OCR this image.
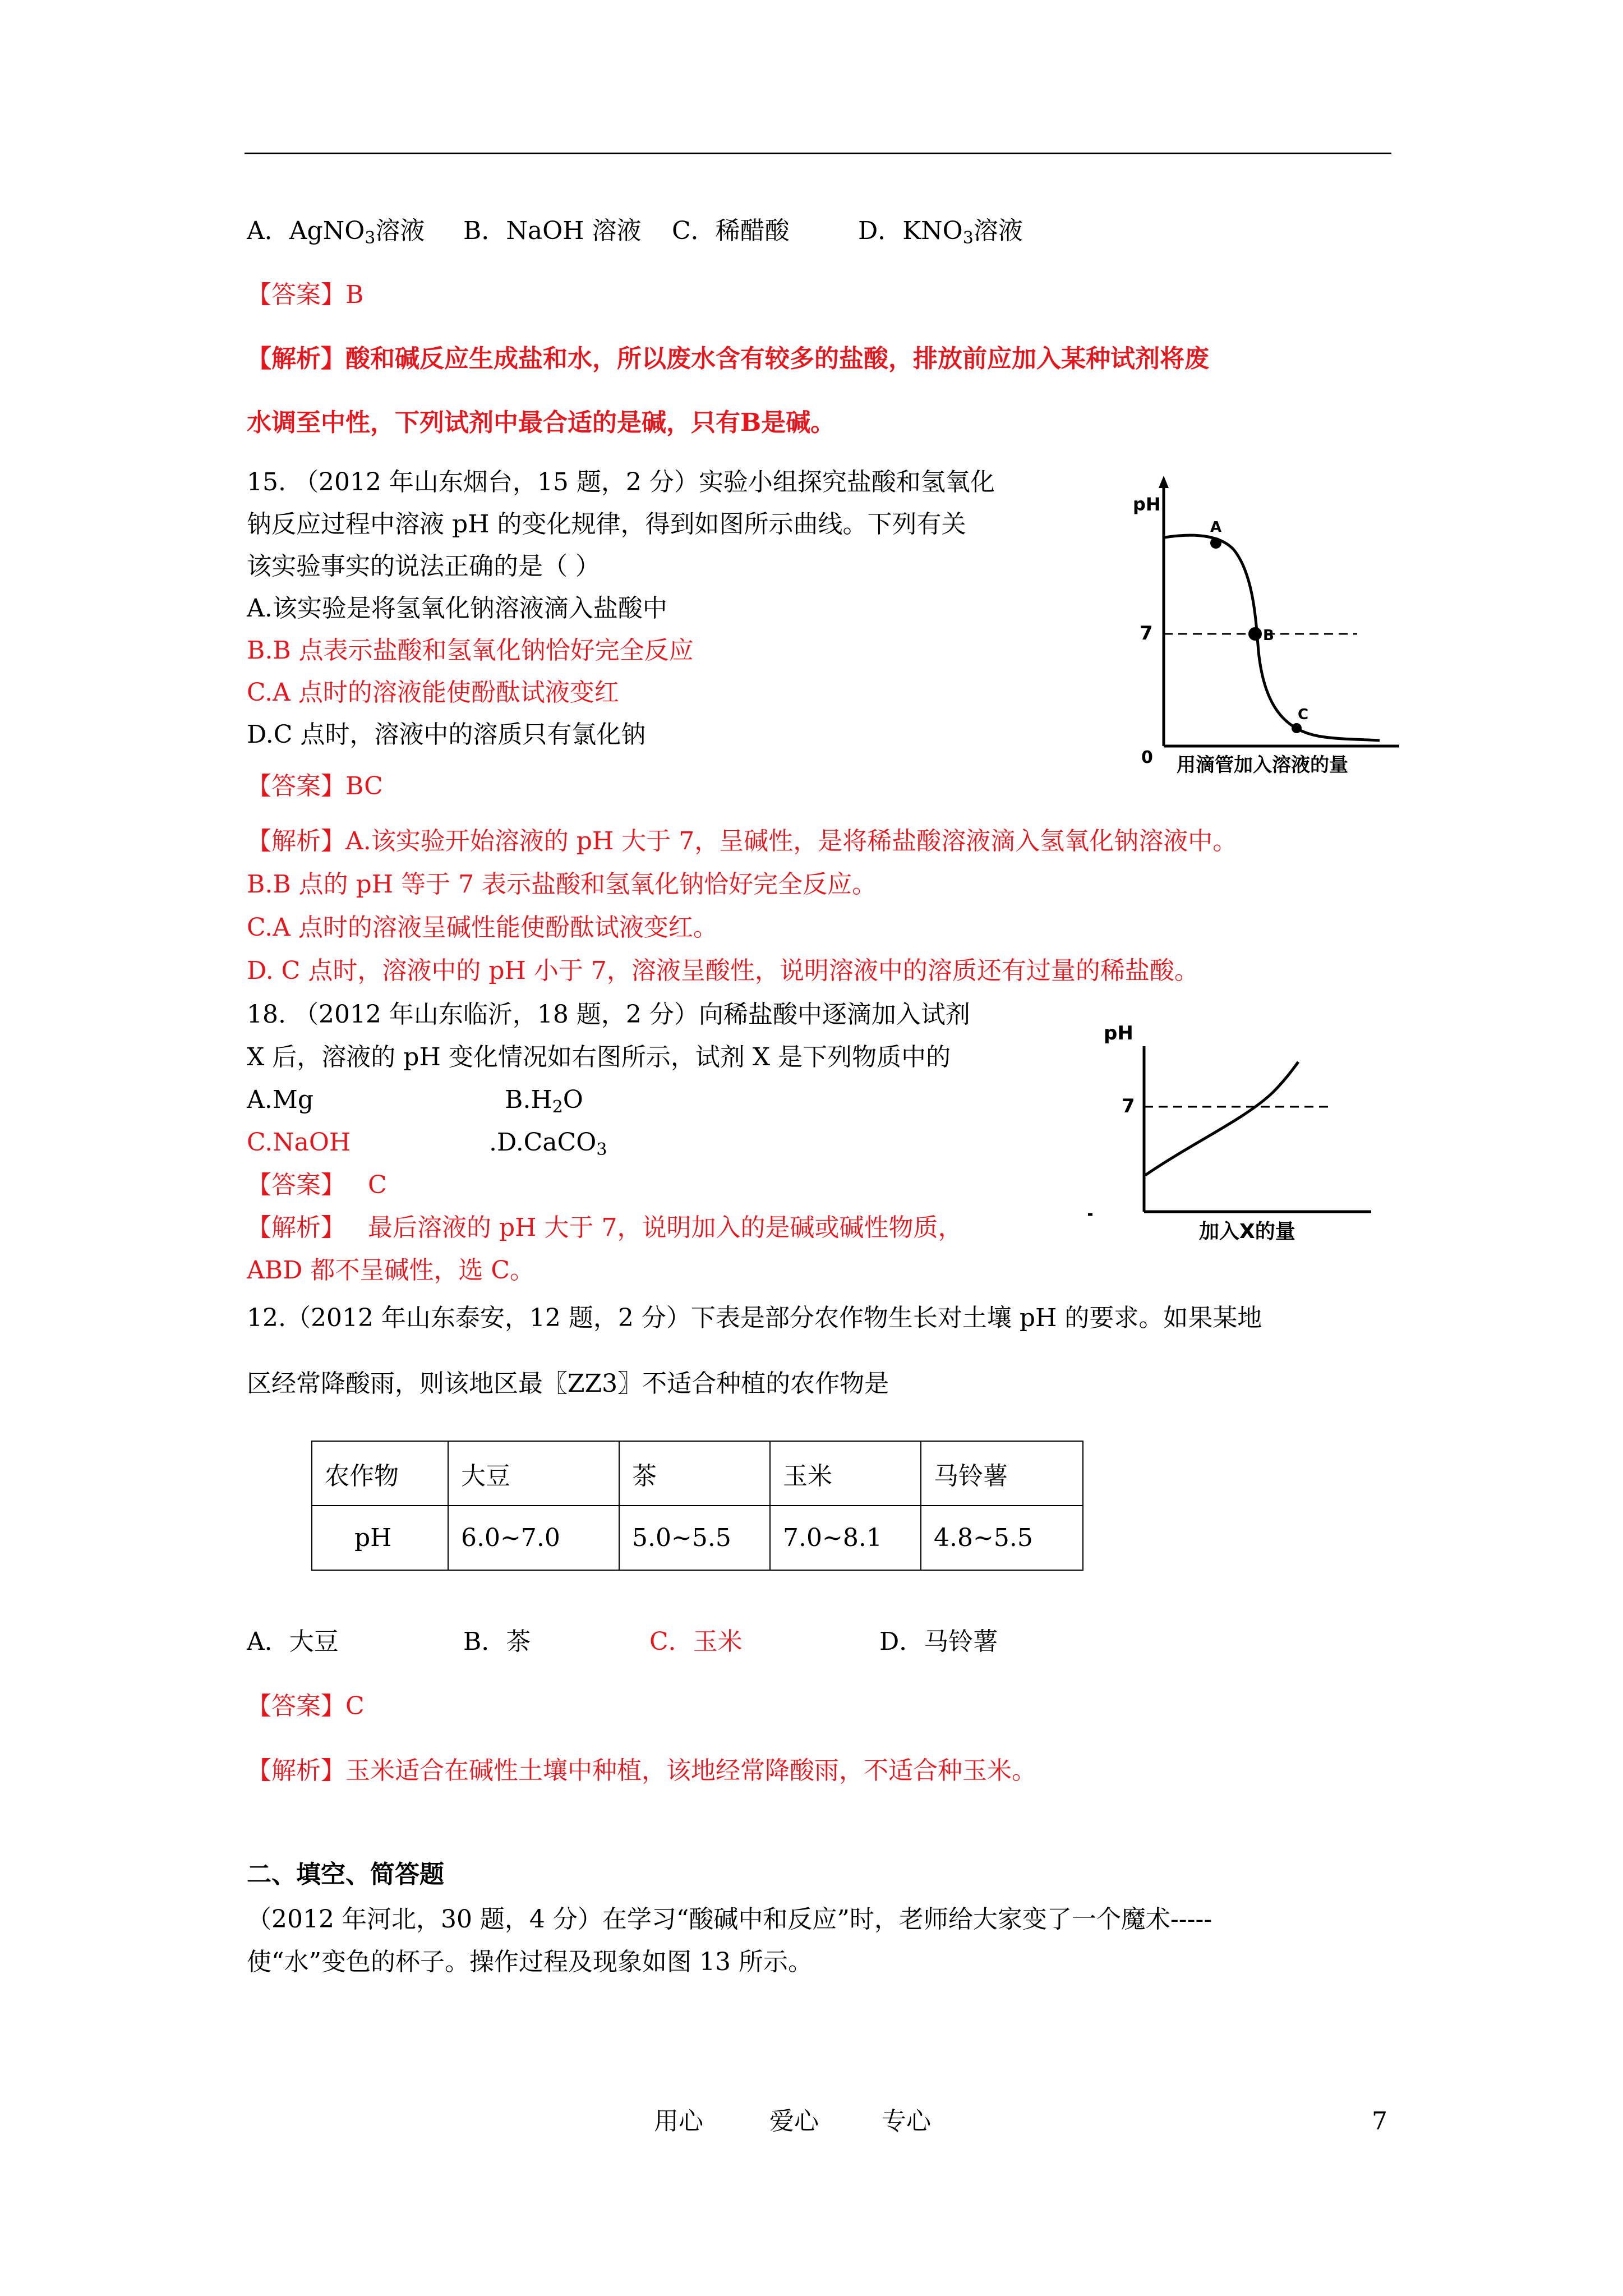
A．AgNO$_3$溶液 B．NaOH 溶液 C．稀醋酸	D．$KNO_3$溶液
【答案】B
【解析】酸和碱反应生成盐和水，所以废水含有较多的盐酸，排放前应加入某种试剂将废
水调至中性，下列试剂中最合适的是碱，只有B是碱。
15. （2012 年山东烟台，15 题，2 分）实验小组探究盐酸和氢氧化
钠反应过程中溶液 pH 的变化规律，得到如图所示曲线。下列有关
该实验事实的说法正确的是（ ）
A.该实验是将氢氧化钠溶液滴入盐酸中
B.B 点表示盐酸和氢氧化钠恰好完全反应
C.A 点时的溶液能使酚酞试液变红
D.C 点时，溶液中的溶质只有氯化钠
【答案】BC
【解析】A.该实验开始溶液的 pH 大于 7，呈碱性，是将稀盐酸溶液滴入氢氧化钠溶液中。
B.B 点的 pH 等于 7 表示盐酸和氢氧化钠恰好完全反应。
C.A 点时的溶液呈碱性能使酚酞试液变红。
D. C 点时，溶液中的 pH 小于 7，溶液呈酸性，说明溶液中的溶质还有过量的稀盐酸。
pH
7
0
A
B
C
用滴管加入溶液的量
18. （2012 年山东临沂，18 题，2 分）向稀盐酸中逐滴加入试剂
X 后，溶液的 pH 变化情况如右图所示，试剂 X 是下列物质中的
A.Mg	$B.H_2O$
C.NaOH	.D.CaCO$_3$
【答案】 C
【解析】 最后溶液的 pH 大于 7，说明加入的是碱或碱性物质，
ABD 都不呈碱性，选 C。
pH
7
加入X的量
12.（2012 年山东泰安，12 题，2 分）下表是部分农作物生长对土壤 pH 的要求。如果某地
区经常降酸雨，则该地区最〖ZZ3〗不适合种植的农作物是
农作物	大豆	茶	玉米	马铃薯
pH	6.0~7.0	5.0~5.5	7.0~8.1	4.8~5.5
A．大豆	B．茶	C．玉米	D．马铃薯
【答案】C
【解析】玉米适合在碱性土壤中种植，该地经常降酸雨，不适合种玉米。
二、填空、简答题
（2012 年河北，30 题，4 分）在学习“酸碱中和反应”时，老师给大家变了一个魔术-----
使“水”变色的杯子。操作过程及现象如图 13 所示。
用心	爱心	专心	7
